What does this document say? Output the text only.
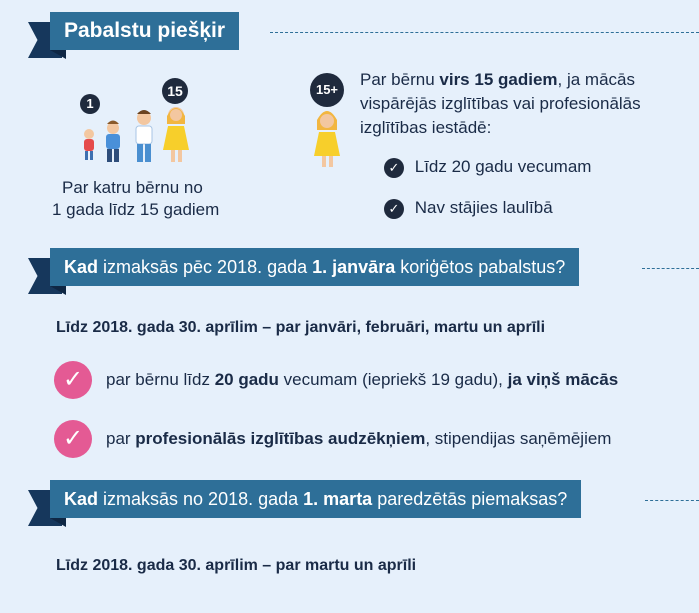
Pabalstu piešķir
1
15
Par katru bērnu no
1 gada līdz 15 gadiem
15+
Par bērnu virs 15 gadiem, ja mācās
vispārējās izglītības vai profesionālās
izglītības iestādē:
✓ Līdz 20 gadu vecumam
✓ Nav stājies laulībā
Kad izmaksās pēc 2018. gada 1. janvāra koriģētos pabalstus?
Līdz 2018. gada 30. aprīlim – par janvāri, februāri, martu un aprīli
✓	par bērnu līdz 20 gadu vecumam (iepriekš 19 gadu), ja viņš mācās
✓	par profesionālās izglītības audzēkņiem, stipendijas saņēmējiem
Kad izmaksās no 2018. gada 1. marta paredzētās piemaksas?
Līdz 2018. gada 30. aprīlim – par martu un aprīli
